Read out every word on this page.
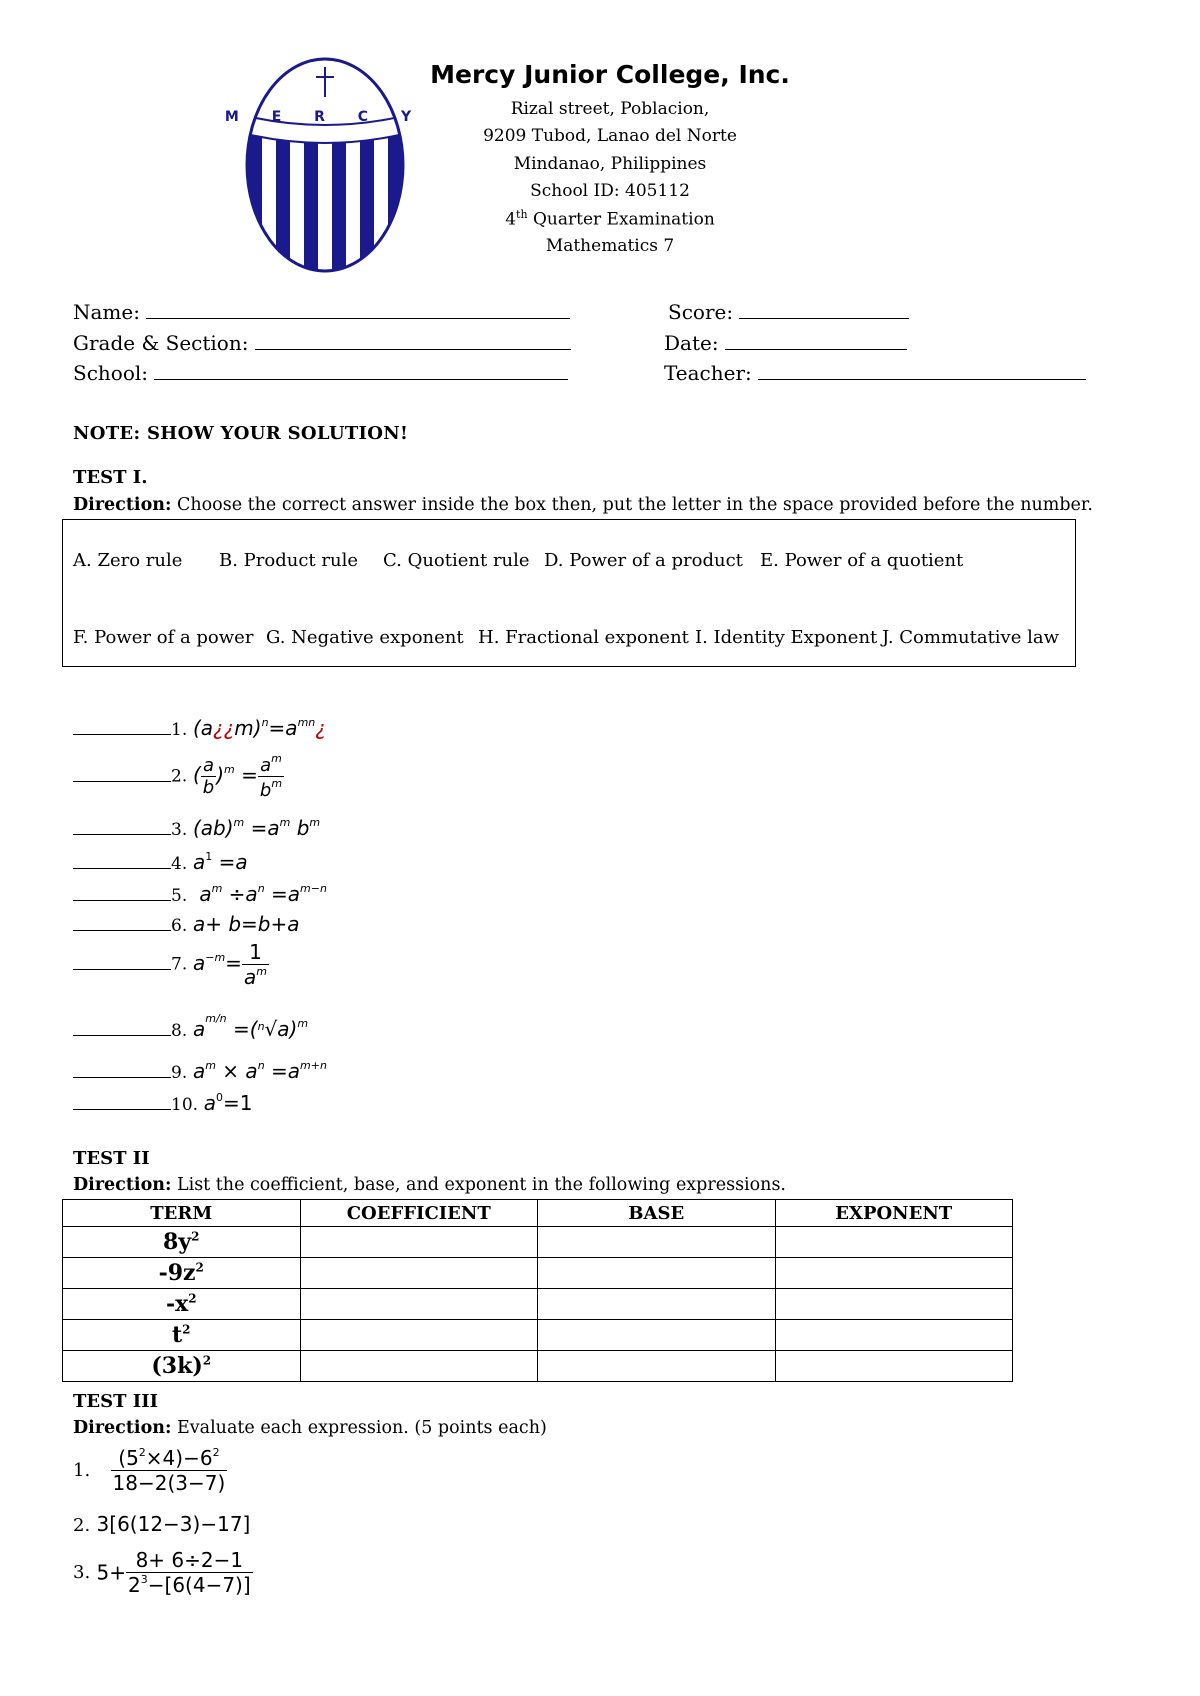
M E R C Y
Mercy Junior College, Inc.
Rizal street, Poblacion,
9209 Tubod, Lanao del Norte
Mindanao, Philippines
School ID: 405112
4th Quarter Examination
Mathematics 7
Name:
Grade & Section:
School:
Score:
Date:
Teacher:
NOTE: SHOW YOUR SOLUTION!
TEST I.
Direction: Choose the correct answer inside the box then, put the letter in the space provided before the number.
A. Zero rule B. Product rule C. Quotient rule D. Power of a product E. Power of a quotient
F. Power of a power G. Negative exponent H. Fractional exponent I. Identity Exponent J. Commutative law
1. $(a¿¿m)^n=a^{mn}¿$
2. ( $\frac{a}{b} )^m = \frac{a^m}{b^m}$
3. $(ab)^m =a^m$ $b^m$
4. $a^1 =a$
5.  $a^m \div a^n =a^{m-n}$
6. a+ b=b+a
7. $a^{-m}= \frac{1}{a^m}$
8. $a^{m/n} =(^n√a)^m$
9. $a^m \times a^n =a^{m+n}$
10. $a^0=1$
TEST II
Direction: List the coefficient, base, and exponent in the following expressions.
TERM	COEFFICIENT	BASE	EXPONENT
$8y^2$			
$-9z^2$			
$-x^2$			
$t^2$			
$(3k)^2$			
TEST III
Direction: Evaluate each expression. (5 points each)
1. $\frac{(5^2\times 4)-6^2}{18-2(3-7)}$
2. 3[6(12−3)−17]
3. $5+ \frac{8+ 6\div 2-1}{2^3-[6(4-7)]}$
